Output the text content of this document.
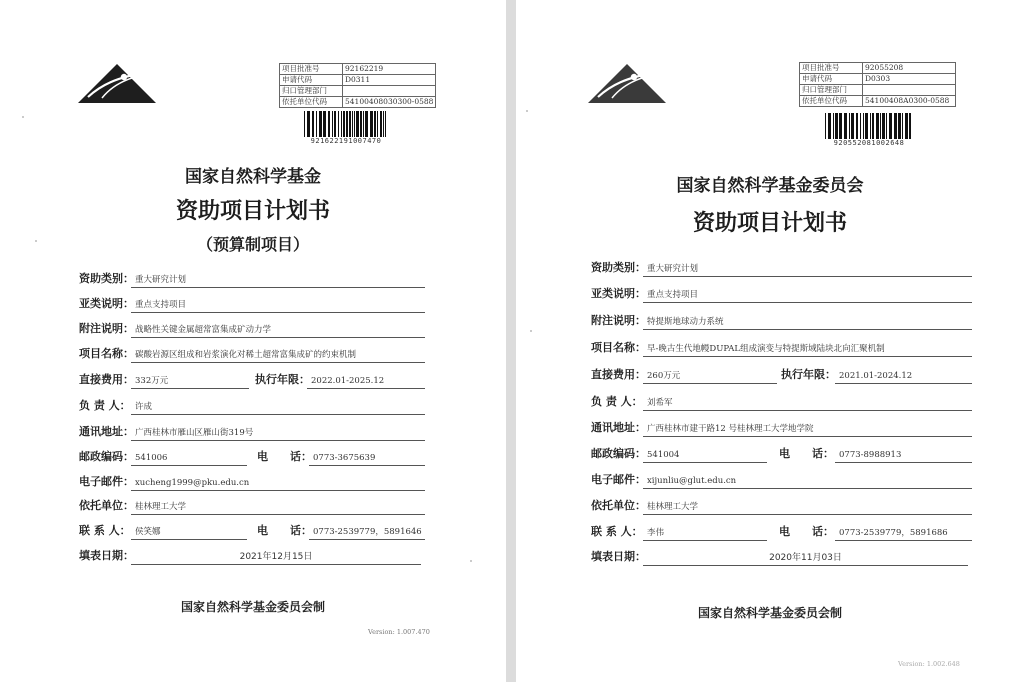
项目批准号	92162219
申请代码	D0311
归口管理部门	
依托单位代码	54100408030300-0588
921622191007470
国家自然科学基金
资助项目计划书
（预算制项目）
资助类别： 重大研究计划
亚类说明： 重点支持项目
附注说明： 战略性关键金属超常富集成矿动力学
项目名称： 碳酸岩源区组成和岩浆演化对稀土超常富集成矿的约束机制
直接费用： 332万元	执行年限： 2022.01-2025.12
负 责 人： 许成
通讯地址： 广西桂林市雁山区雁山街319号
邮政编码： 541006	电　　话： 0773-3675639
电子邮件： xucheng1999@pku.edu.cn
依托单位： 桂林理工大学
联 系 人： 侯笑娜	电　　话： 0773-2539779，5891646
填表日期：	2021年12月15日
国家自然科学基金委员会制
Version: 1.007.470
项目批准号	92055208
申请代码	D0303
归口管理部门	
依托单位代码	54100408A0300-0588
920552081002648
国家自然科学基金委员会
资助项目计划书
资助类别： 重大研究计划
亚类说明： 重点支持项目
附注说明： 特提斯地球动力系统
项目名称： 早-晚古生代地幔DUPAL组成演变与特提斯域陆块北向汇聚机制
直接费用： 260万元	执行年限： 2021.01-2024.12
负 责 人： 刘希军
通讯地址： 广西桂林市建干路12 号桂林理工大学地学院
邮政编码： 541004	电　　话： 0773-8988913
电子邮件： xijunliu@glut.edu.cn
依托单位： 桂林理工大学
联 系 人： 李伟	电　　话： 0773-2539779，5891686
填表日期：	2020年11月03日
国家自然科学基金委员会制
Version: 1.002.648
